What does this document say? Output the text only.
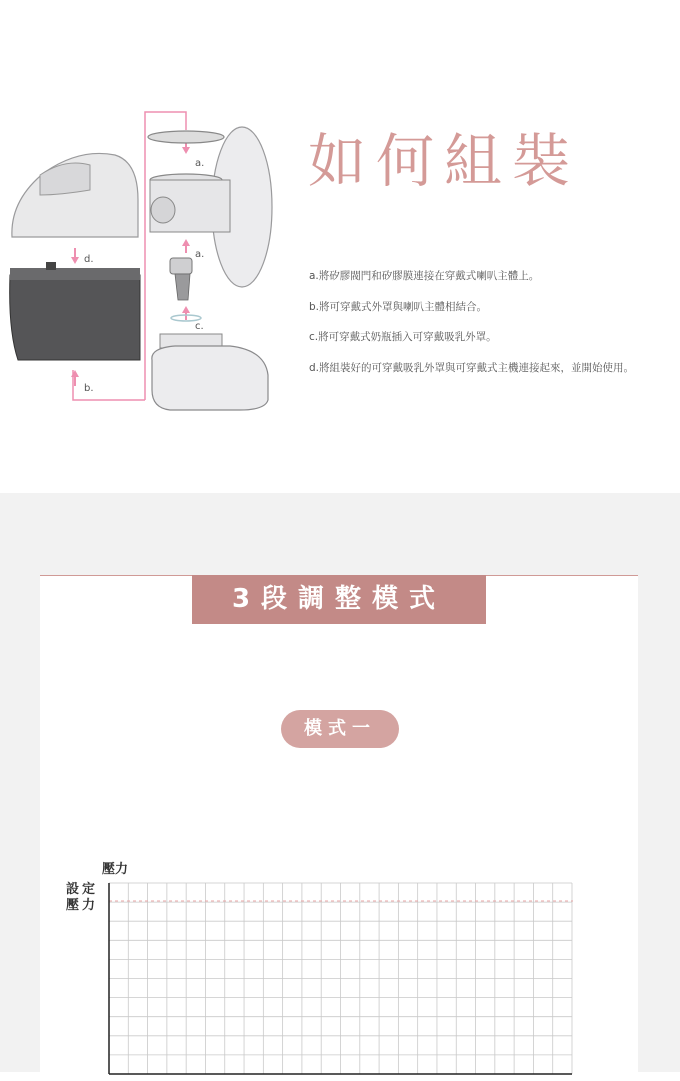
a.
a.
c.
d.
b.
如何組裝
a.將矽膠閥門和矽膠膜連接在穿戴式喇叭主體上。
b.將可穿戴式外罩與喇叭主體相結合。
c.將可穿戴式奶瓶插入可穿戴吸乳外罩。
d.將組裝好的可穿戴吸乳外罩與可穿戴式主機連接起來，並開始使用。
3段調整模式
模式一
壓力
設定壓力
